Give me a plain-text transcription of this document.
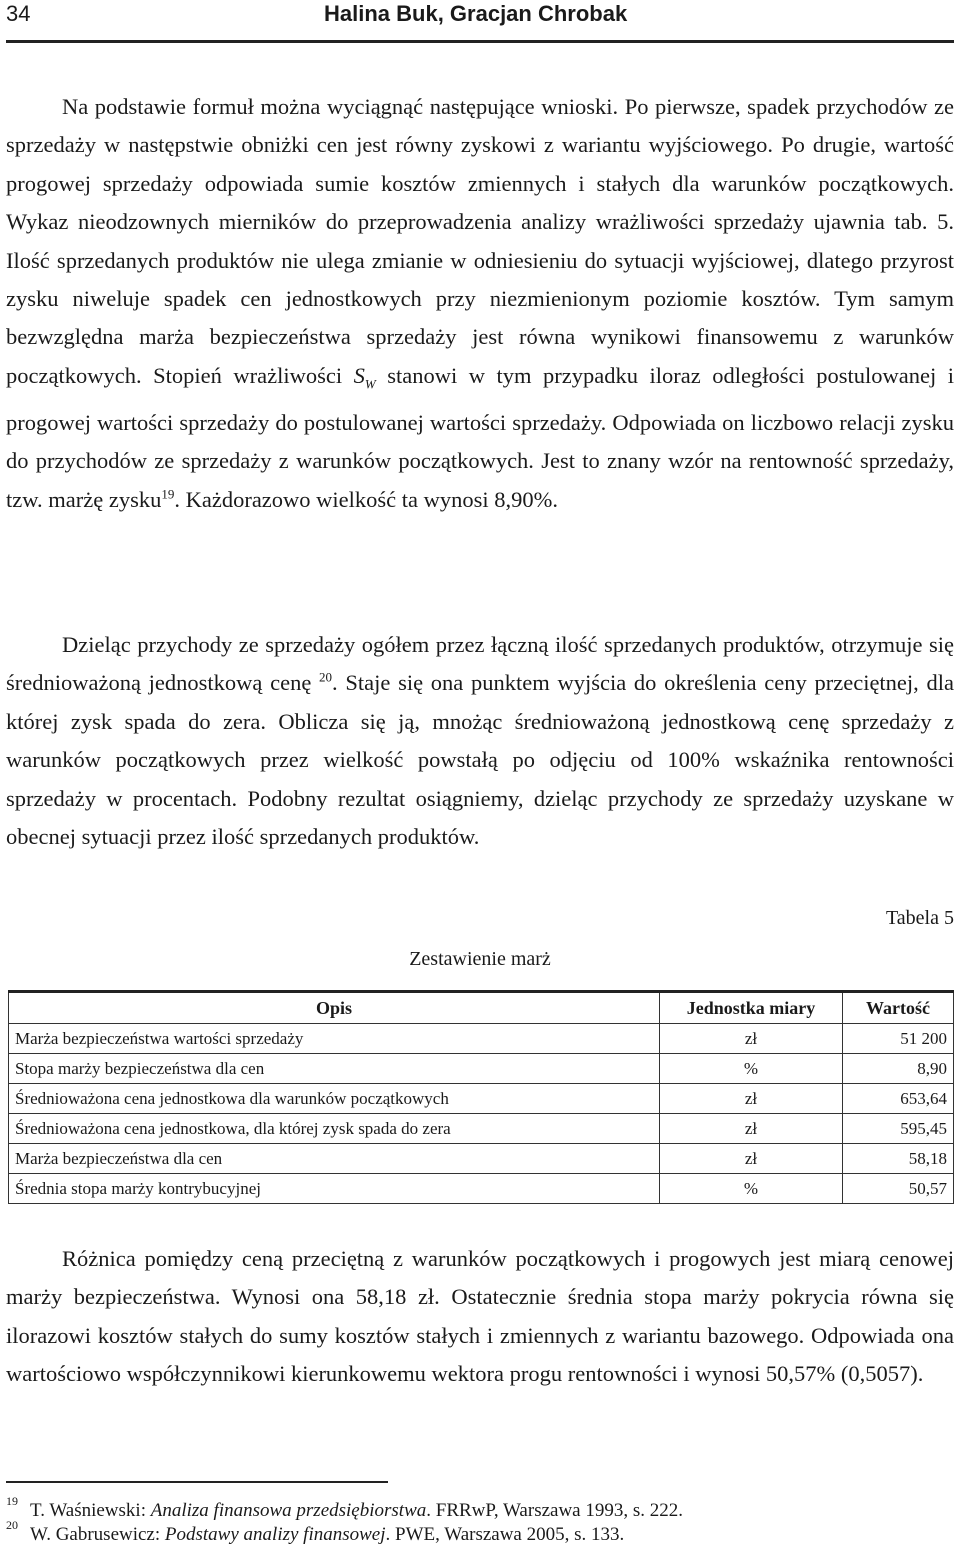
34	Halina Buk, Gracjan Chrobak

Na podstawie formuł można wyciągnąć następujące wnioski. Po pierwsze, spadek przychodów ze sprzedaży w następstwie obniżki cen jest równy zyskowi z wariantu wyjściowego. Po drugie, wartość progowej sprzedaży odpowiada sumie kosztów zmiennych i stałych dla warunków początkowych. Wykaz nieodzownych mierników do przeprowadzenia analizy wrażliwości sprzedaży ujawnia tab. 5. Ilość sprzedanych produktów nie ulega zmianie w odniesieniu do sytuacji wyjściowej, dlatego przyrost zysku niweluje spadek cen jednostkowych przy niezmienionym poziomie kosztów. Tym samym bezwzględna marża bezpieczeństwa sprzedaży jest równa wynikowi finansowemu z warunków początkowych. Stopień wrażliwości $S_W$ stanowi w tym przypadku iloraz odległości postulowanej i progowej wartości sprzedaży do postulowanej wartości sprzedaży. Odpowiada on liczbowo relacji zysku do przychodów ze sprzedaży z warunków początkowych. Jest to znany wzór na rentowność sprzedaży, tzw. marżę zysku$^{19}$. Każdorazowo wielkość ta wynosi 8,90%.

Dzieląc przychody ze sprzedaży ogółem przez łączną ilość sprzedanych produktów, otrzymuje się średnioważoną jednostkową cenę $^{20}$. Staje się ona punktem wyjścia do określenia ceny przeciętnej, dla której zysk spada do zera. Oblicza się ją, mnożąc średnioważoną jednostkową cenę sprzedaży z warunków początkowych przez wielkość powstałą po odjęciu od 100% wskaźnika rentowności sprzedaży w procentach. Podobny rezultat osiągniemy, dzieląc przychody ze sprzedaży uzyskane w obecnej sytuacji przez ilość sprzedanych produktów.

Tabela 5
Zestawienie marż
Opis	Jednostka miary	Wartość
Marża bezpieczeństwa wartości sprzedaży	zł	51 200
Stopa marży bezpieczeństwa dla cen	%	8,90
Średnioważona cena jednostkowa dla warunków początkowych	zł	653,64
Średnioważona cena jednostkowa, dla której zysk spada do zera	zł	595,45
Marża bezpieczeństwa dla cen	zł	58,18
Średnia stopa marży kontrybucyjnej	%	50,57

Różnica pomiędzy ceną przeciętną z warunków początkowych i progowych jest miarą cenowej marży bezpieczeństwa. Wynosi ona 58,18 zł. Ostatecznie średnia stopa marży pokrycia równa się ilorazowi kosztów stałych do sumy kosztów stałych i zmiennych z wariantu bazowego. Odpowiada ona wartościowo współczynnikowi kierunkowemu wektora progu rentowności i wynosi 50,57% (0,5057).

19 T. Waśniewski: Analiza finansowa przedsiębiorstwa. FRRwP, Warszawa 1993, s. 222.
20 W. Gabrusewicz: Podstawy analizy finansowej. PWE, Warszawa 2005, s. 133.
